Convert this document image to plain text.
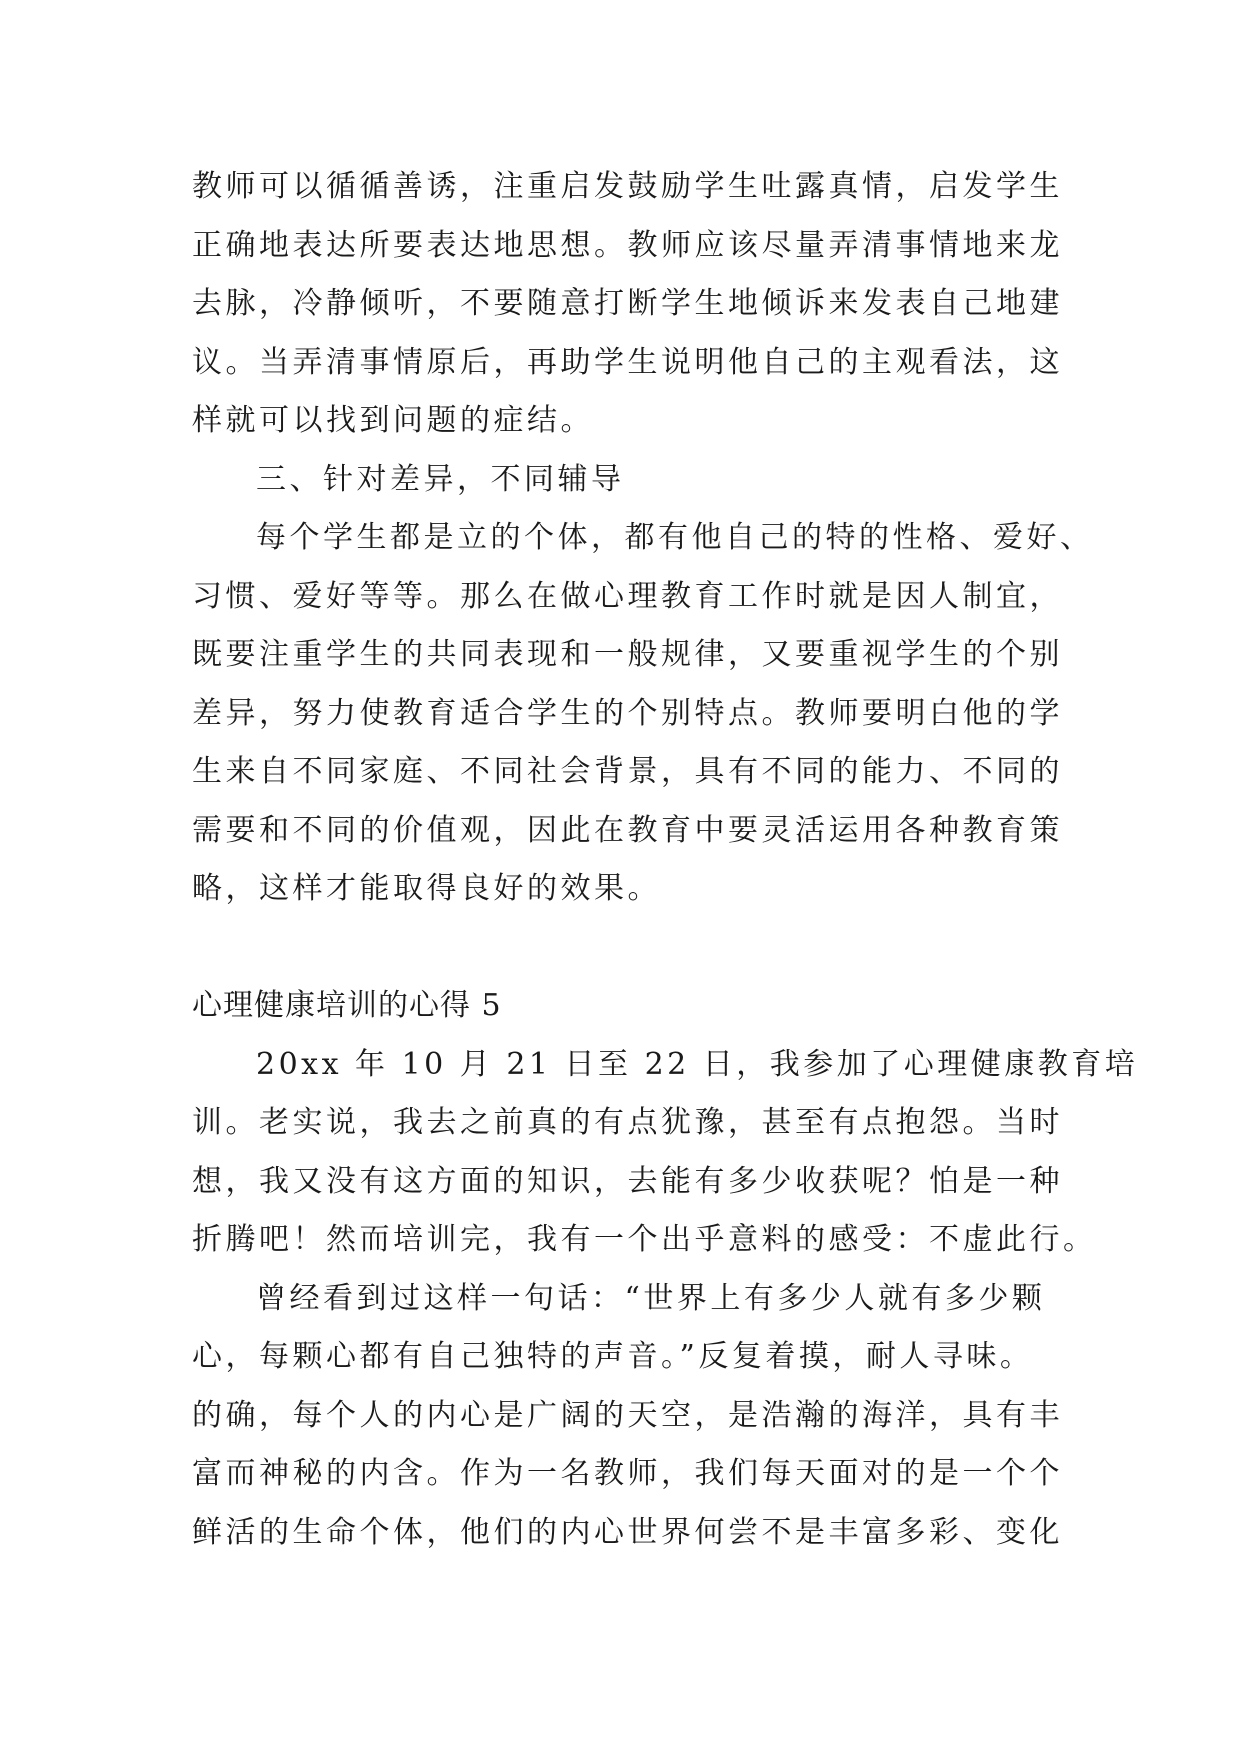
教师可以循循善诱，注重启发鼓励学生吐露真情，启发学生
正确地表达所要表达地思想。教师应该尽量弄清事情地来龙
去脉，冷静倾听，不要随意打断学生地倾诉来发表自己地建
议。当弄清事情原后，再助学生说明他自己的主观看法，这
样就可以找到问题的症结。
三、针对差异，不同辅导
每个学生都是立的个体，都有他自己的特的性格、爱好、
习惯、爱好等等。那么在做心理教育工作时就是因人制宜，
既要注重学生的共同表现和一般规律，又要重视学生的个别
差异，努力使教育适合学生的个别特点。教师要明白他的学
生来自不同家庭、不同社会背景，具有不同的能力、不同的
需要和不同的价值观，因此在教育中要灵活运用各种教育策
略，这样才能取得良好的效果。
心理健康培训的心得 5
20xx 年 10 月 21 日至 22 日，我参加了心理健康教育培
训。老实说，我去之前真的有点犹豫，甚至有点抱怨。当时
想，我又没有这方面的知识，去能有多少收获呢？怕是一种
折腾吧！然而培训完，我有一个出乎意料的感受：不虚此行。
曾经看到过这样一句话：“世界上有多少人就有多少颗
心，每颗心都有自己独特的声音。”反复着摸，耐人寻味。
的确，每个人的内心是广阔的天空，是浩瀚的海洋，具有丰
富而神秘的内含。作为一名教师，我们每天面对的是一个个
鲜活的生命个体，他们的内心世界何尝不是丰富多彩、变化
